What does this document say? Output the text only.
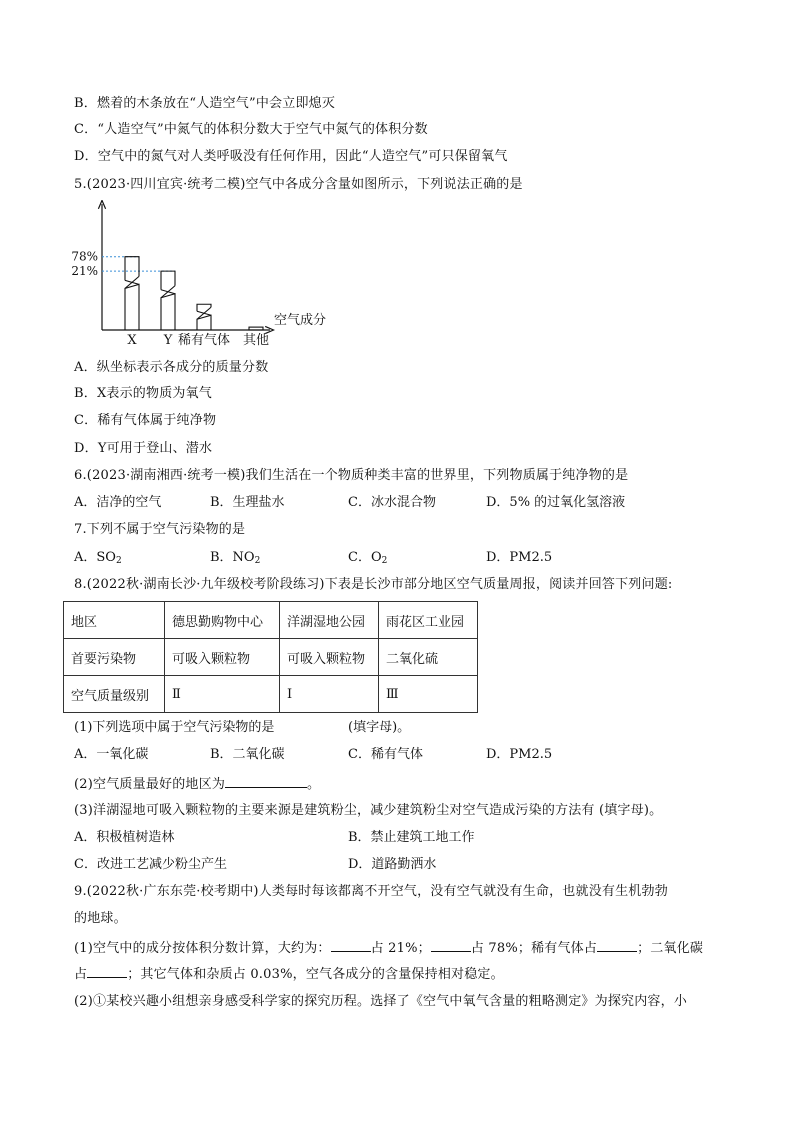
B．燃着的木条放在“人造空气”中会立即熄灭
C．“人造空气”中氮气的体积分数大于空气中氮气的体积分数
D．空气中的氮气对人类呼吸没有任何作用，因此“人造空气”可只保留氧气
5.(2023·四川宜宾·统考二模)空气中各成分含量如图所示，下列说法正确的是
78%
21%
X Y 稀有气体 其他
空气成分
A．纵坐标表示各成分的质量分数
B．X表示的物质为氧气
C．稀有气体属于纯净物
D．Y可用于登山、潜水
6.(2023·湖南湘西·统考一模)我们生活在一个物质种类丰富的世界里，下列物质属于纯净物的是
A．洁净的空气	B．生理盐水	C．冰水混合物	D．5% 的过氧化氢溶液
7.下列不属于空气污染物的是
A．$SO_2$	B．$NO_2$	C．$O_2$	D．PM2.5
8.(2022秋·湖南长沙·九年级校考阶段练习)下表是长沙市部分地区空气质量周报，阅读并回答下列问题:
地区	德思勤购物中心	洋湖湿地公园	雨花区工业园
首要污染物	可吸入颗粒物	可吸入颗粒物	二氧化硫
空气质量级别	Ⅱ	Ⅰ	Ⅲ
(1)下列选项中属于空气污染物的是	(填字母)。
A．一氧化碳	B．二氧化碳	C．稀有气体	D．PM2.5
(2)空气质量最好的地区为	。
(3)洋湖湿地可吸入颗粒物的主要来源是建筑粉尘，减少建筑粉尘对空气造成污染的方法有 (填字母)。
A．积极植树造林	B．禁止建筑工地工作
C．改进工艺减少粉尘产生	D．道路勤洒水
9.(2022秋·广东东莞·校考期中)人类每时每该都离不开空气，没有空气就没有生命，也就没有生机勃勃
的地球。
(1)空气中的成分按体积分数计算，大约为：	占 21%；	占 78%；稀有气体占	；二氧化碳
占	；其它气体和杂质占 0.03%，空气各成分的含量保持相对稳定。
(2)①某校兴趣小组想亲身感受科学家的探究历程。选择了《空气中氧气含量的粗略测定》为探究内容，小
